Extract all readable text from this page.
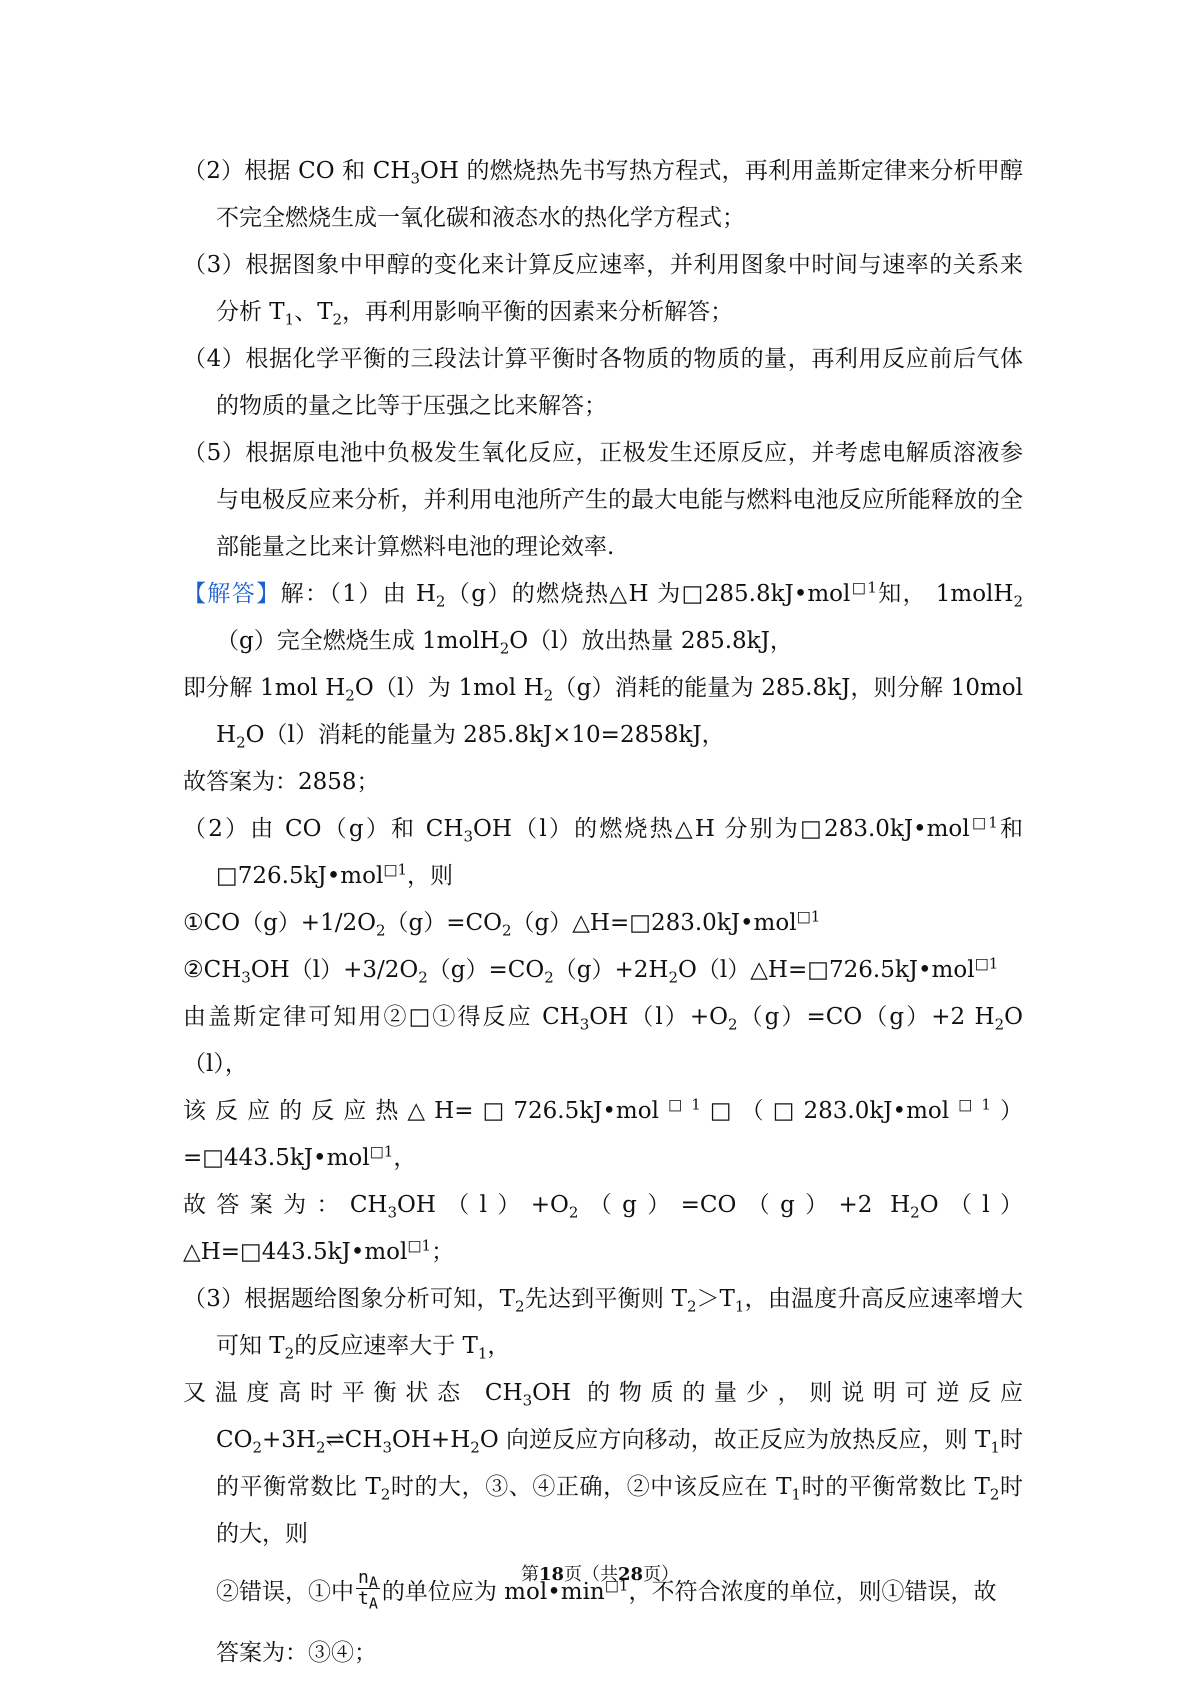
（2）根据 CO 和 $CH_3OH$ 的燃烧热先书写热方程式，再利用盖斯定律来分析甲醇不完全燃烧生成一氧化碳和液态水的热化学方程式；

（3）根据图象中甲醇的变化来计算反应速率，并利用图象中时间与速率的关系来分析 $T_1$、$T_2$，再利用影响平衡的因素来分析解答；

（4）根据化学平衡的三段法计算平衡时各物质的物质的量，再利用反应前后气体的物质的量之比等于压强之比来解答；

（5）根据原电池中负极发生氧化反应，正极发生还原反应，并考虑电解质溶液参与电极反应来分析，并利用电池所产生的最大电能与燃料电池反应所能释放的全部能量之比来计算燃料电池的理论效率.

【解答】解：（1）由 $H_2(g)$的燃烧热△H 为□285.8kJ•mol$^{□1}$知， 1molH$_2$（g）完全燃烧生成 1molH$_2$O（l）放出热量 285.8kJ，

即分解 1mol $H_2O(l)$为 1mol $H_2(g)$消耗的能量为 285.8kJ，则分解 10mol $H_2O(l)$消耗的能量为 285.8kJ×10=2858kJ，

故答案为：2858；

（2）由 CO（g）和 $CH_3OH(l)$的燃烧热△H 分别为□283.0kJ•mol$^{□1}$和□726.5kJ•mol$^{□1}$，则

$①CO(g)+1/2O_2(g)=CO_2(g)\triangle H=□283.0kJ•mol^{□1}$

$②CH_3OH(l)+3/2O_2(g)=CO_2(g)+2H_2O(l)\triangle H=□726.5kJ•mol^{□1}$

由盖斯定律可知用②□①得反应 $CH_3OH(l)+O_2(g)=CO(g)+2$ $H_2O(l)$，

该反应的反应热△H=□726.5kJ•mol$^{□1}$□（□283.0kJ•mol$^{□1}$）=□443.5kJ•mol$^{□1}$，

故答案为：$CH_3OH(l)+O_2(g)=CO(g)+2$ $H_2O(l)\triangle H=□443.5kJ•mol^{□1}$；

（3）根据题给图象分析可知，$T_2$先达到平衡则 $T_2>T_1$，由温度升高反应速率增大可知 $T_2$的反应速率大于 $T_1$，

又温度高时平衡状态 $CH_3OH$ 的物质的量少，则说明可逆反应 $CO_2+3H_2\rightleftharpoons CH_3OH+H_2O$ 向逆反应方向移动，故正反应为放热反应，则 $T_1$时的平衡常数比 $T_2$时的大，③、④正确，②中该反应在 $T_1$时的平衡常数比 $T_2$时的大，则

②错误，①中 $\frac{n_A}{t_A}$ 的单位应为 $mol•\min^{□1}$，不符合浓度的单位，则①错误，故

答案为：③④；

第18页（共28页）
